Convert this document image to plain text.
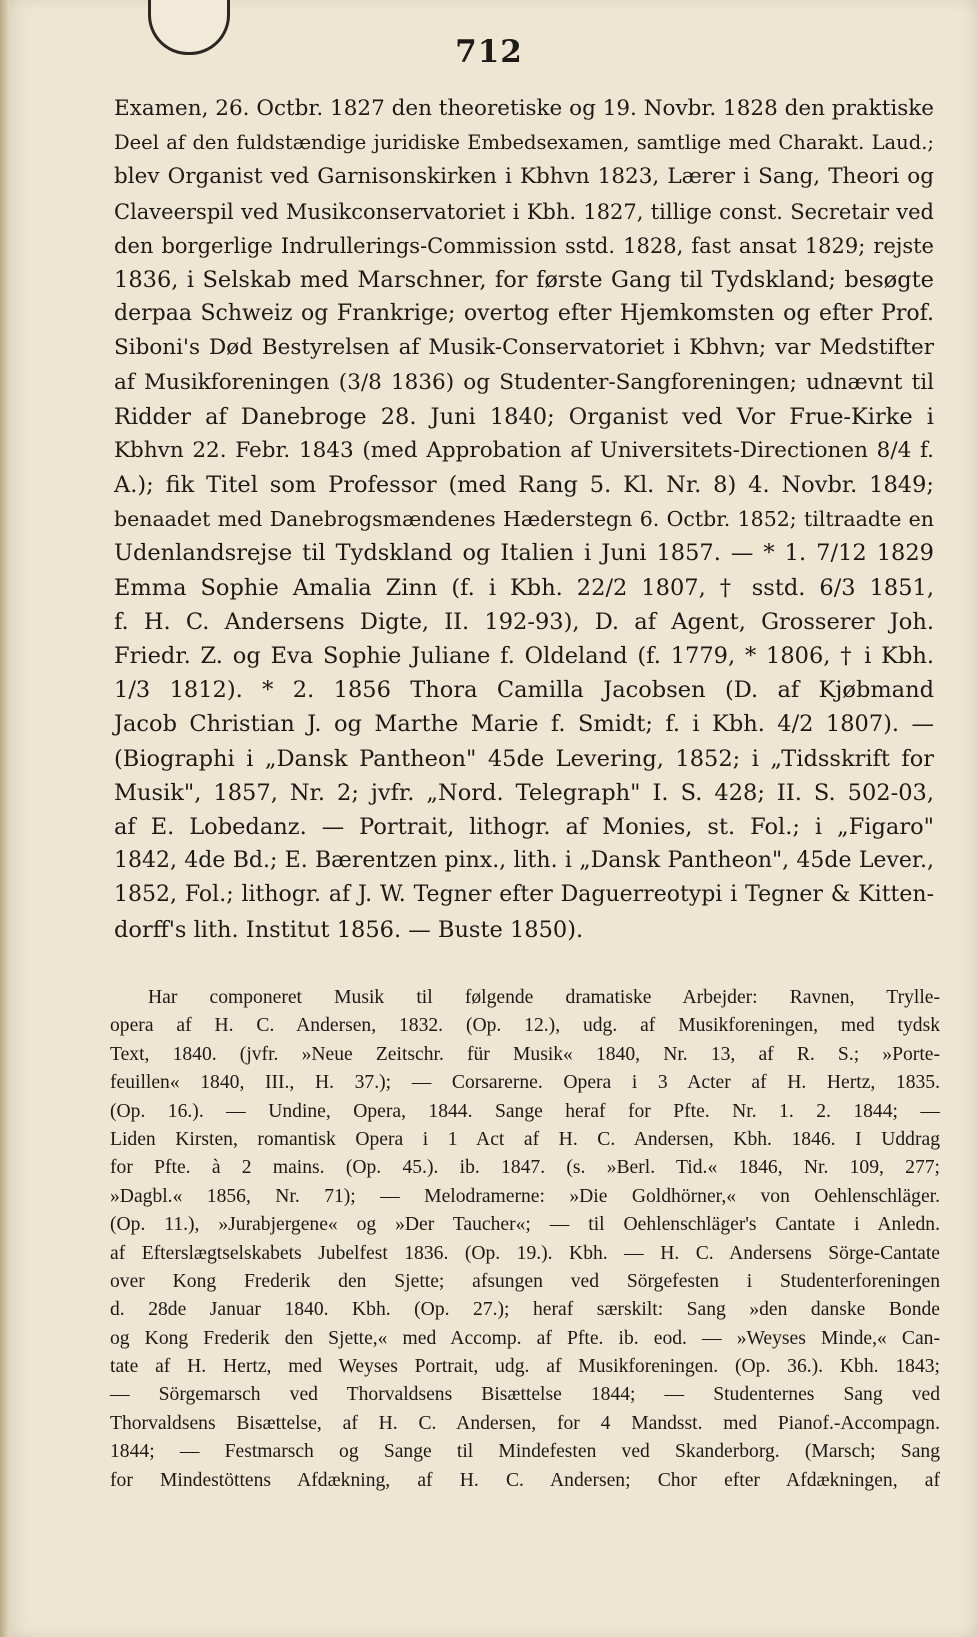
712
Examen, 26. Octbr. 1827 den theoretiske og 19. Novbr. 1828 den praktiske
Deel af den fuldstændige juridiske Embedsexamen, samtlige med Charakt. Laud.;
blev Organist ved Garnisonskirken i Kbhvn 1823, Lærer i Sang, Theori og
Claveerspil ved Musikconservatoriet i Kbh. 1827, tillige const. Secretair ved
den borgerlige Indrullerings-Commission sstd. 1828, fast ansat 1829; rejste
1836, i Selskab med Marschner, for første Gang til Tydskland; besøgte
derpaa Schweiz og Frankrige; overtog efter Hjemkomsten og efter Prof.
Siboni's Død Bestyrelsen af Musik-Conservatoriet i Kbhvn; var Medstifter
af Musikforeningen (3/8 1836) og Studenter-Sangforeningen; udnævnt til
Ridder af Danebroge 28. Juni 1840; Organist ved Vor Frue-Kirke i
Kbhvn 22. Febr. 1843 (med Approbation af Universitets-Directionen 8/4 f.
A.); fik Titel som Professor (med Rang 5. Kl. Nr. 8) 4. Novbr. 1849;
benaadet med Danebrogsmændenes Hæderstegn 6. Octbr. 1852; tiltraadte en
Udenlandsrejse til Tydskland og Italien i Juni 1857. — * 1. 7/12 1829
Emma Sophie Amalia Zinn (f. i Kbh. 22/2 1807, † sstd. 6/3 1851,
f. H. C. Andersens Digte, II. 192-93), D. af Agent, Grosserer Joh.
Friedr. Z. og Eva Sophie Juliane f. Oldeland (f. 1779, * 1806, † i Kbh.
1/3 1812). * 2. 1856 Thora Camilla Jacobsen (D. af Kjøbmand
Jacob Christian J. og Marthe Marie f. Smidt; f. i Kbh. 4/2 1807). —
(Biographi i „Dansk Pantheon" 45de Levering, 1852; i „Tidsskrift for
Musik", 1857, Nr. 2; jvfr. „Nord. Telegraph" I. S. 428; II. S. 502-03,
af E. Lobedanz. — Portrait, lithogr. af Monies, st. Fol.; i „Figaro"
1842, 4de Bd.; E. Bærentzen pinx., lith. i „Dansk Pantheon", 45de Lever.,
1852, Fol.; lithogr. af J. W. Tegner efter Daguerreotypi i Tegner & Kitten-
dorff's lith. Institut 1856. — Buste 1850).
Har componeret Musik til følgende dramatiske Arbejder: Ravnen, Trylle-
opera af H. C. Andersen, 1832. (Op. 12.), udg. af Musikforeningen, med tydsk
Text, 1840. (jvfr. »Neue Zeitschr. für Musik« 1840, Nr. 13, af R. S.; »Porte-
feuillen« 1840, III., H. 37.); — Corsarerne. Opera i 3 Acter af H. Hertz, 1835.
(Op. 16.). — Undine, Opera, 1844. Sange heraf for Pfte. Nr. 1. 2. 1844; —
Liden Kirsten, romantisk Opera i 1 Act af H. C. Andersen, Kbh. 1846. I Uddrag
for Pfte. à 2 mains. (Op. 45.). ib. 1847. (s. »Berl. Tid.« 1846, Nr. 109, 277;
»Dagbl.« 1856, Nr. 71); — Melodramerne: »Die Goldhörner,« von Oehlenschläger.
(Op. 11.), »Jurabjergene« og »Der Taucher«; — til Oehlenschläger's Cantate i Anledn.
af Efterslægtselskabets Jubelfest 1836. (Op. 19.). Kbh. — H. C. Andersens Sörge-Cantate
over Kong Frederik den Sjette; afsungen ved Sörgefesten i Studenterforeningen
d. 28de Januar 1840. Kbh. (Op. 27.); heraf særskilt: Sang »den danske Bonde
og Kong Frederik den Sjette,« med Accomp. af Pfte. ib. eod. — »Weyses Minde,« Can-
tate af H. Hertz, med Weyses Portrait, udg. af Musikforeningen. (Op. 36.). Kbh. 1843;
— Sörgemarsch ved Thorvaldsens Bisættelse 1844; — Studenternes Sang ved
Thorvaldsens Bisættelse, af H. C. Andersen, for 4 Mandsst. med Pianof.-Accompagn.
1844; — Festmarsch og Sange til Mindefesten ved Skanderborg. (Marsch; Sang
for Mindestöttens Afdækning, af H. C. Andersen; Chor efter Afdækningen, af
